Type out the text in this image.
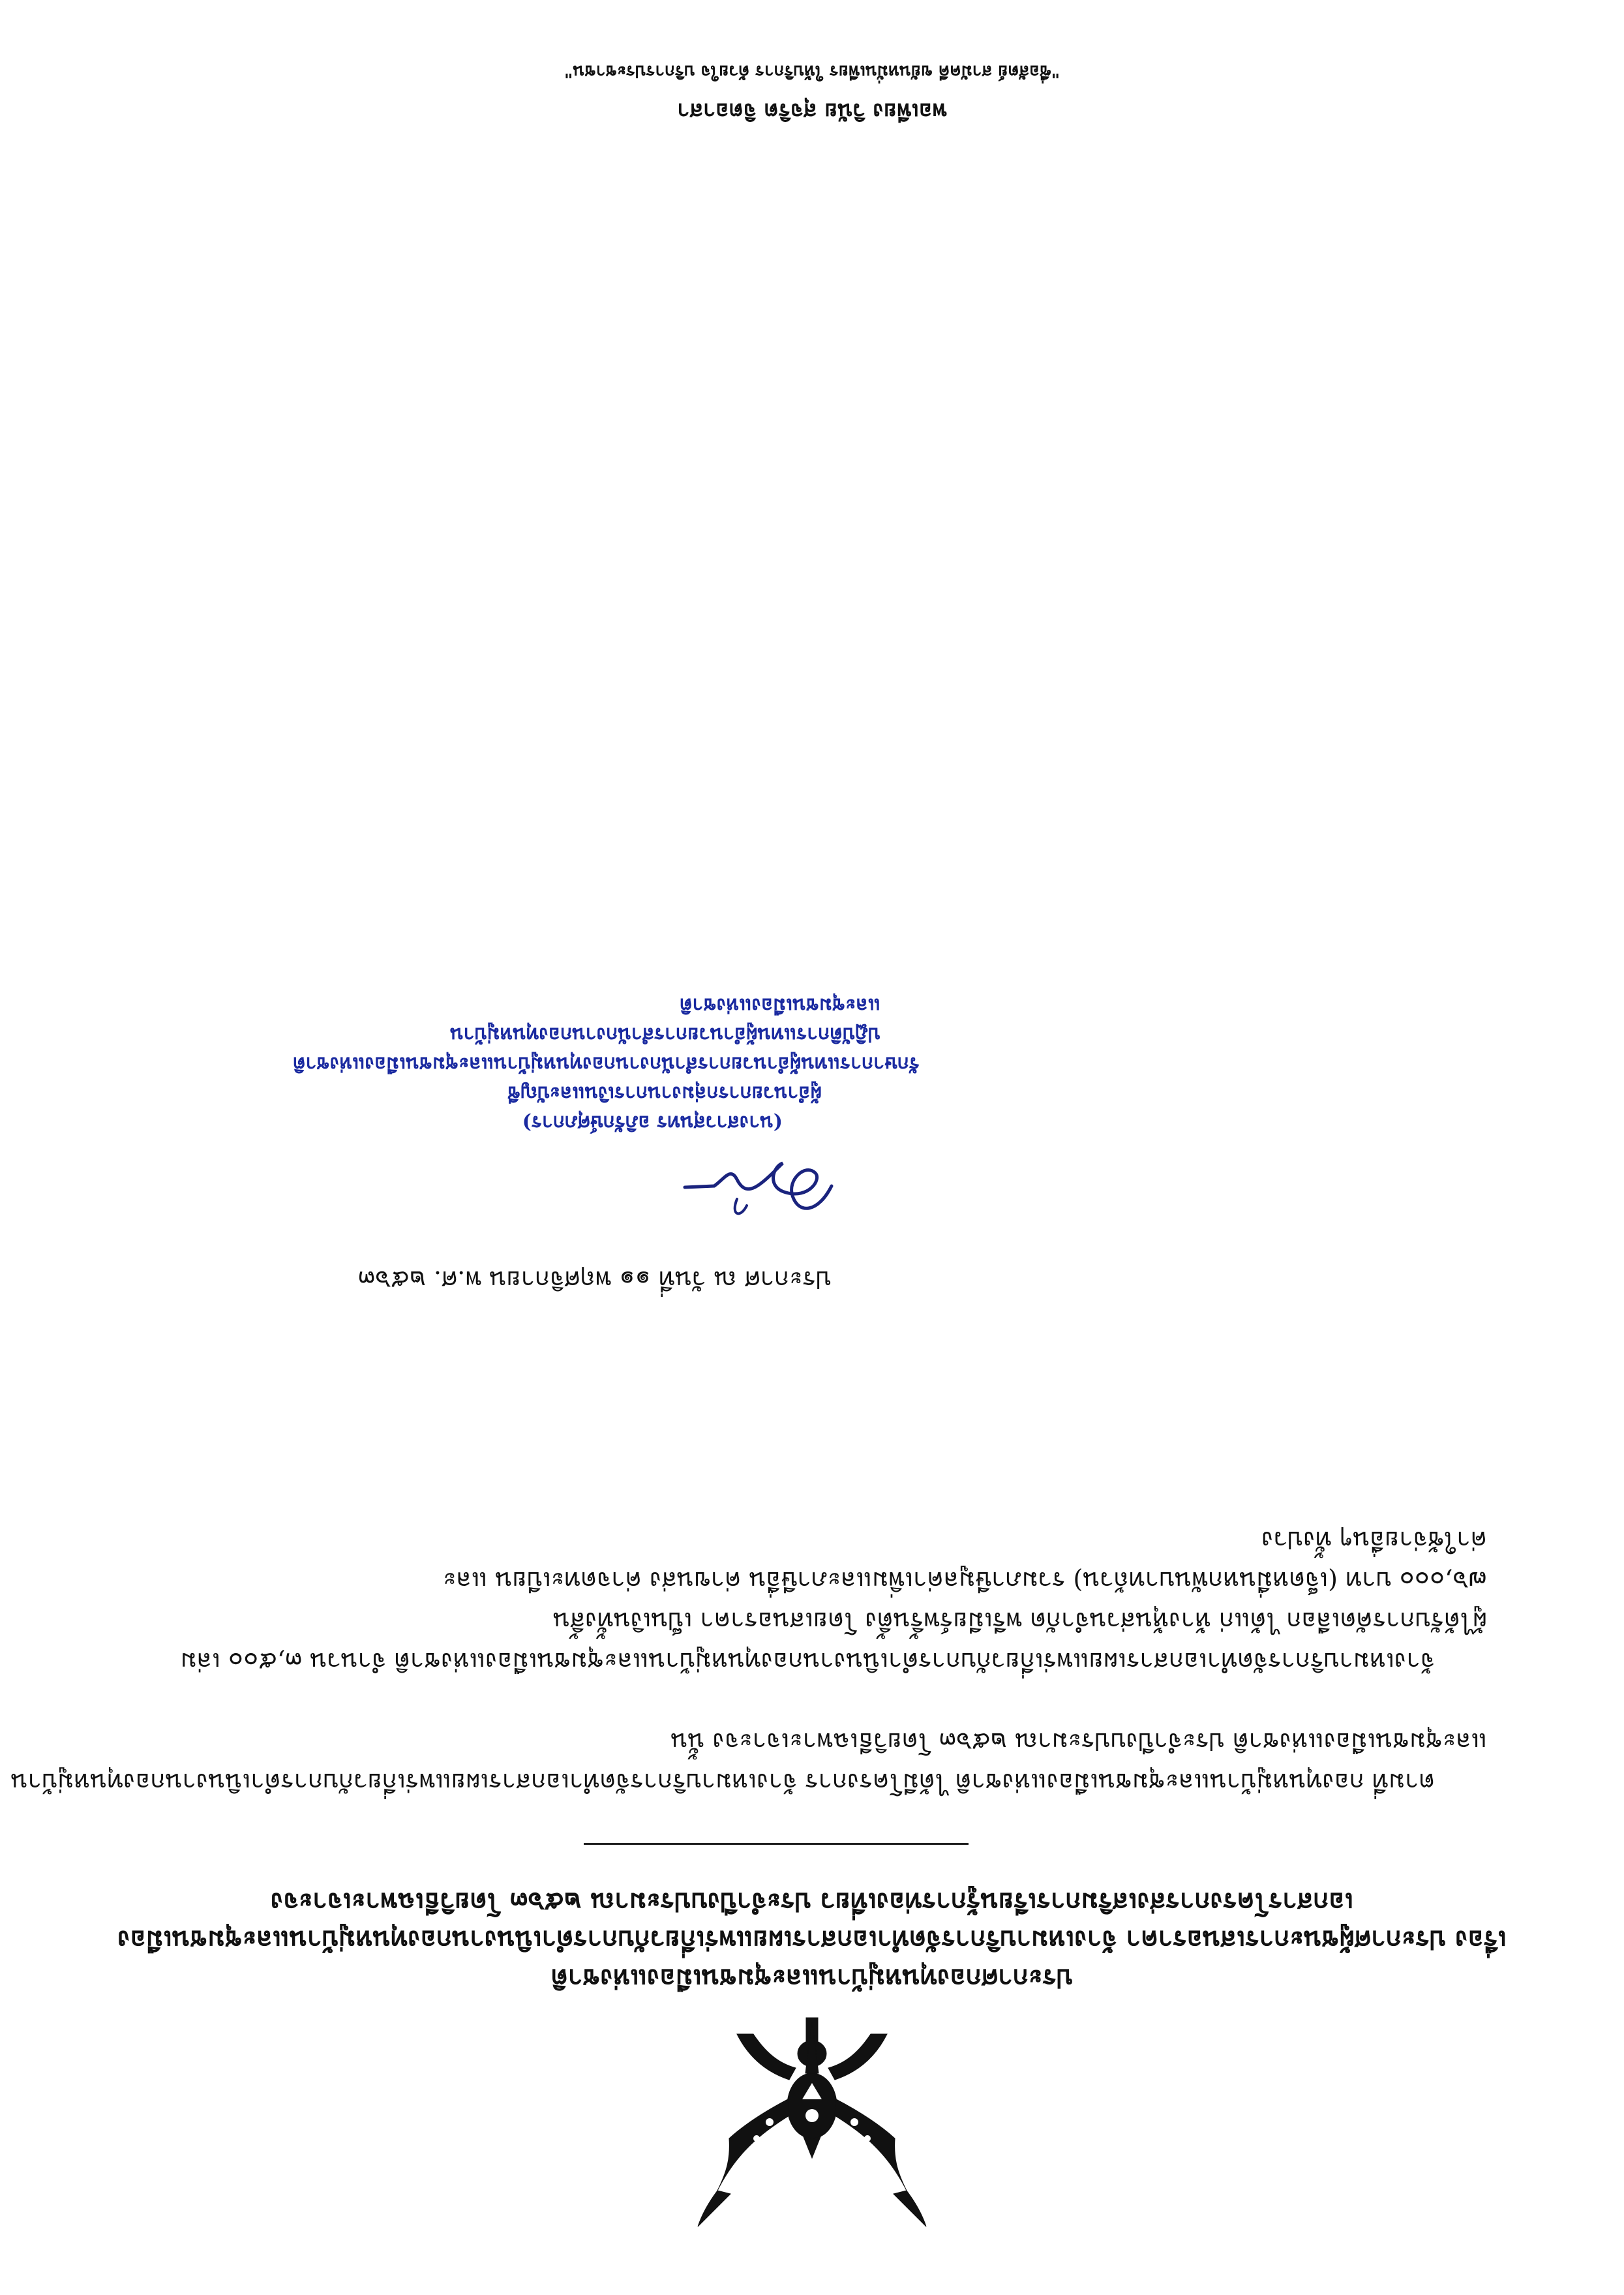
ประกาศกองทุนหมู่บ้านและชุมชนเมืองแห่งชาติ
เรื่อง ประกาศผู้ชนะการเสนอราคา จ้างเหมาบริการจัดทำเอกสารเผยแพร่เกี่ยวกับการดำเนินงานกองทุนหมู่บ้านและชุมชนเมือง
เอกสารโครงการส่งเสริมการเรียนรู้การท่องเที่ยว ประจำปีงบประมาณ ๒๕๖๓ โดยวิธีเฉพาะเจาะจง
ตามที่ กองทุนหมู่บ้านและชุมชนเมืองแห่งชาติ ได้มีโครงการ จ้างเหมาบริการจัดทำเอกสารเผยแพร่เกี่ยวกับการดำเนินงานกองทุนหมู่บ้าน
และชุมชนเมืองแห่งชาติ ประจำปีงบประมาณ ๒๕๖๓ โดยวิธีเฉพาะเจาะจง นั้น
จ้างเหมาบริการจัดทำเอกสารเผยแพร่เกี่ยวกับการดำเนินงานกองทุนหมู่บ้านและชุมชนเมืองแห่งชาติ จำนวน ๓,๕๐๐ เล่ม
ผู้ได้รับการคัดเลือก ได้แก่ ห้างหุ้นส่วนจำกัด พรีเมียร์พริ้นติ้ง โดยเสนอราคา เป็นเงินทั้งสิ้น
๗๖,๐๐๐ บาท (เจ็ดหมื่นหกพันบาทถ้วน) รวมภาษีมูลค่าเพิ่มและภาษีอื่น ค่าขนส่ง ค่าจดทะเบียน และ
ค่าใช้จ่ายอื่นๆ ทั้งปวง
ประกาศ ณ วันที่ ๑๑ พฤศจิกายน พ.ศ. ๒๕๖๓
(นางสาวสุนทร อภิรักษ์ศุภการ)
ผู้อำนวยการกลุ่มงานการเงินและบัญชี
รักษาการแทนผู้อำนวยการสำนักงานกองทุนหมู่บ้านและชุมชนเมืองแห่งชาติ
ปฏิบัติการแทนผู้อำนวยการสำนักงานกองทุนหมู่บ้าน
และชุมชนเมืองแห่งชาติ
พอเพียง วินัย สุจริต จิตอาสา
"ซื่อสัตย์ สามัคคี ขยันหมั่นเพียร ให้บริการ ด้วยใจ บริการประชาชน"
